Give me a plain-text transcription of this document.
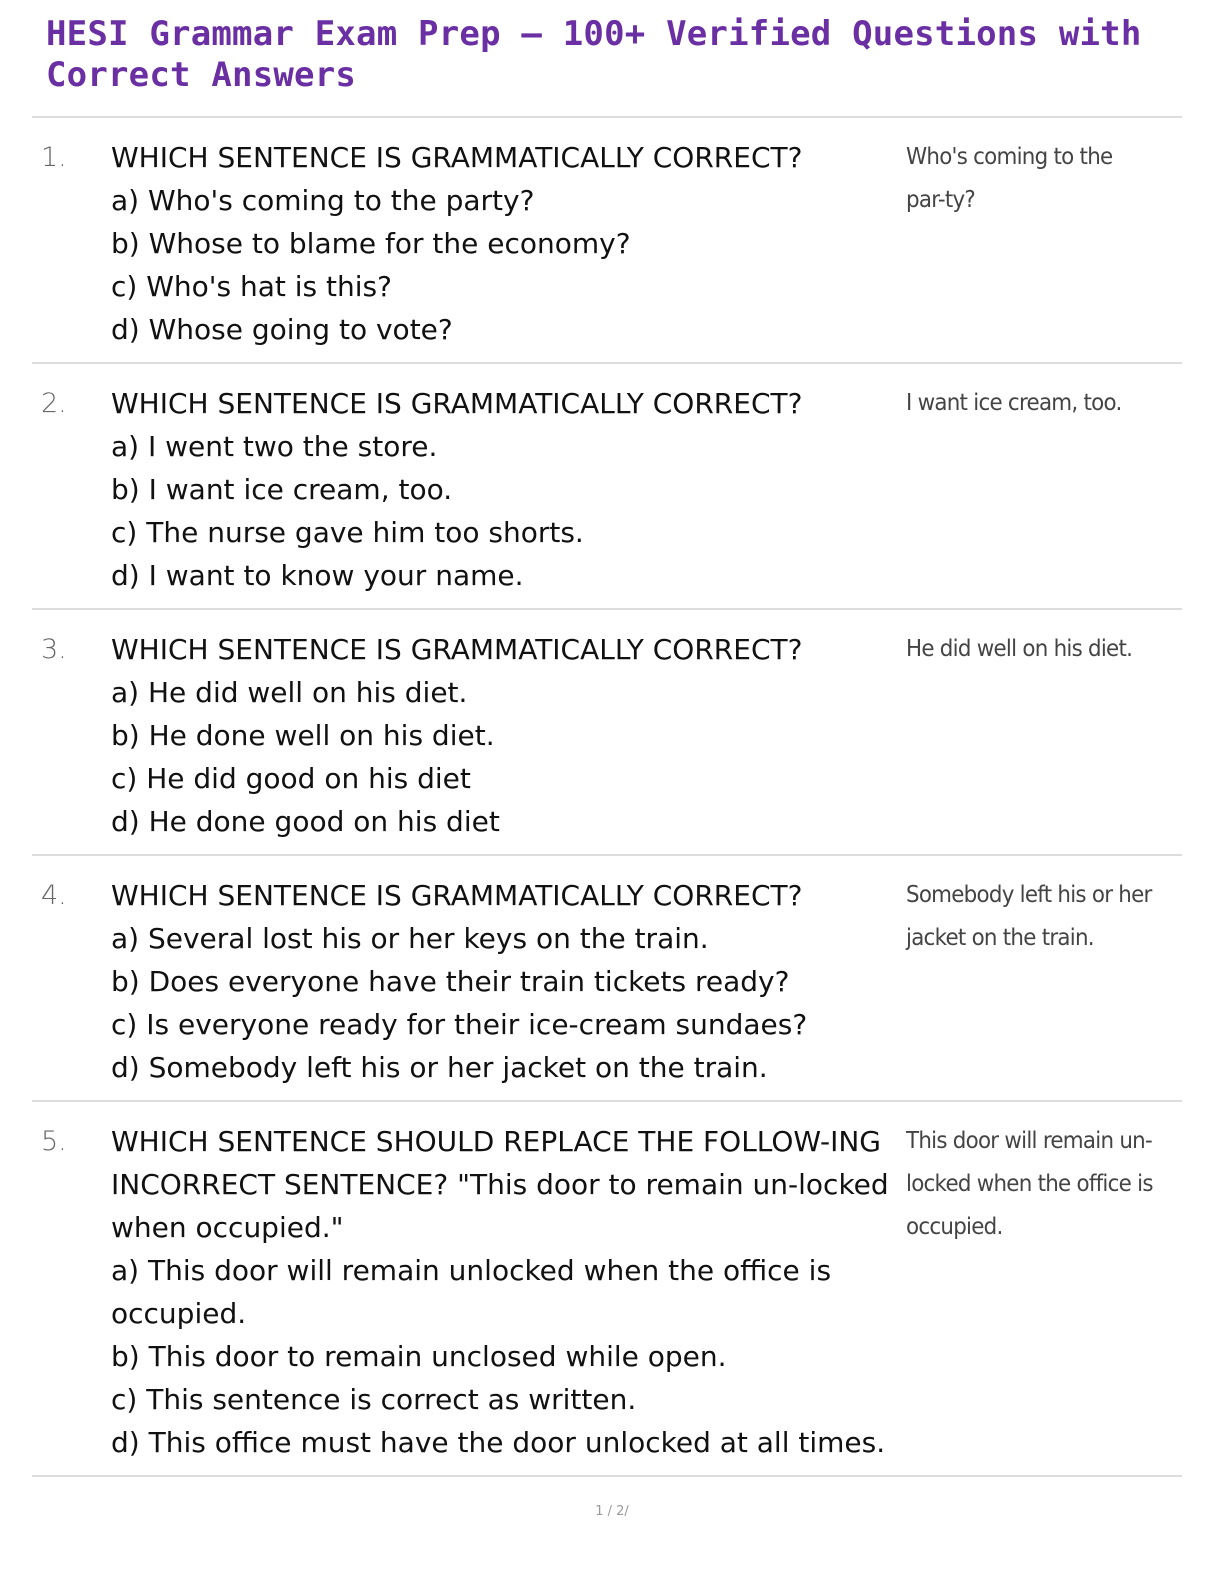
HESI Grammar Exam Prep – 100+ Verified Questions with Correct Answers
1. WHICH SENTENCE IS GRAMMATICALLY CORRECT?
a) Who's coming to the party?
b) Whose to blame for the economy?
c) Who's hat is this?
d) Whose going to vote?
Who's coming to the par-ty?
2. WHICH SENTENCE IS GRAMMATICALLY CORRECT?
a) I went two the store.
b) I want ice cream, too.
c) The nurse gave him too shorts.
d) I want to know your name.
I want ice cream, too.
3. WHICH SENTENCE IS GRAMMATICALLY CORRECT?
a) He did well on his diet.
b) He done well on his diet.
c) He did good on his diet
d) He done good on his diet
He did well on his diet.
4. WHICH SENTENCE IS GRAMMATICALLY CORRECT?
a) Several lost his or her keys on the train.
b) Does everyone have their train tickets ready?
c) Is everyone ready for their ice-cream sundaes?
d) Somebody left his or her jacket on the train.
Somebody left his or her jacket on the train.
5. WHICH SENTENCE SHOULD REPLACE THE FOLLOW-ING INCORRECT SENTENCE? "This door to remain un-locked when occupied."
a) This door will remain unlocked when the office is occupied.
b) This door to remain unclosed while open.
c) This sentence is correct as written.
d) This office must have the door unlocked at all times.
This door will remain un-locked when the office is occupied.
1 / 2/
